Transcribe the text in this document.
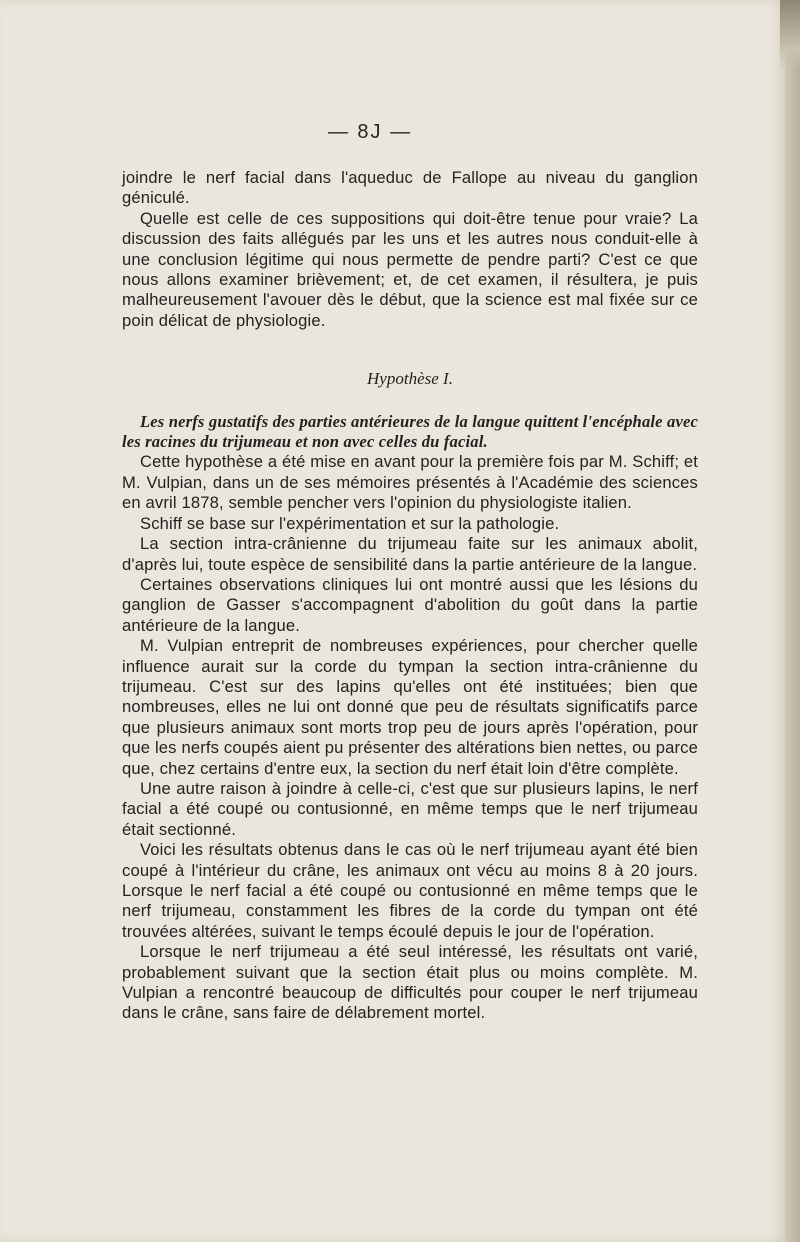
— 8J —

joindre le nerf facial dans l'aqueduc de Fallope au niveau du ganglion géniculé.

Quelle est celle de ces suppositions qui doit-être tenue pour vraie? La discussion des faits allégués par les uns et les autres nous conduit-elle à une conclusion légitime qui nous permette de pendre parti? C'est ce que nous allons examiner brièvement; et, de cet examen, il résultera, je puis malheureusement l'avouer dès le début, que la science est mal fixée sur ce poin délicat de physiologie.

Hypothèse I.

Les nerfs gustatifs des parties antérieures de la langue quittent l'encéphale avec les racines du trijumeau et non avec celles du facial.

Cette hypothèse a été mise en avant pour la première fois par M. Schiff; et M. Vulpian, dans un de ses mémoires présentés à l'Académie des sciences en avril 1878, semble pencher vers l'opinion du physiologiste italien.

Schiff se base sur l'expérimentation et sur la pathologie.

La section intra-crânienne du trijumeau faite sur les animaux abolit, d'après lui, toute espèce de sensibilité dans la partie antérieure de la langue.

Certaines observations cliniques lui ont montré aussi que les lésions du ganglion de Gasser s'accompagnent d'abolition du goût dans la partie antérieure de la langue.

M. Vulpian entreprit de nombreuses expériences, pour chercher quelle influence aurait sur la corde du tympan la section intra-crânienne du trijumeau. C'est sur des lapins qu'elles ont été instituées; bien que nombreuses, elles ne lui ont donné que peu de résultats significatifs parce que plusieurs animaux sont morts trop peu de jours après l'opération, pour que les nerfs coupés aient pu présenter des altérations bien nettes, ou parce que, chez certains d'entre eux, la section du nerf était loin d'être complète.

Une autre raison à joindre à celle-ci, c'est que sur plusieurs lapins, le nerf facial a été coupé ou contusionné, en même temps que le nerf trijumeau était sectionné.

Voici les résultats obtenus dans le cas où le nerf trijumeau ayant été bien coupé à l'intérieur du crâne, les animaux ont vécu au moins 8 à 20 jours. Lorsque le nerf facial a été coupé ou contusionné en même temps que le nerf trijumeau, constamment les fibres de la corde du tympan ont été trouvées altérées, suivant le temps écoulé depuis le jour de l'opération.

Lorsque le nerf trijumeau a été seul intéressé, les résultats ont varié, probablement suivant que la section était plus ou moins complète. M. Vulpian a rencontré beaucoup de difficultés pour couper le nerf trijumeau dans le crâne, sans faire de délabrement mortel.
